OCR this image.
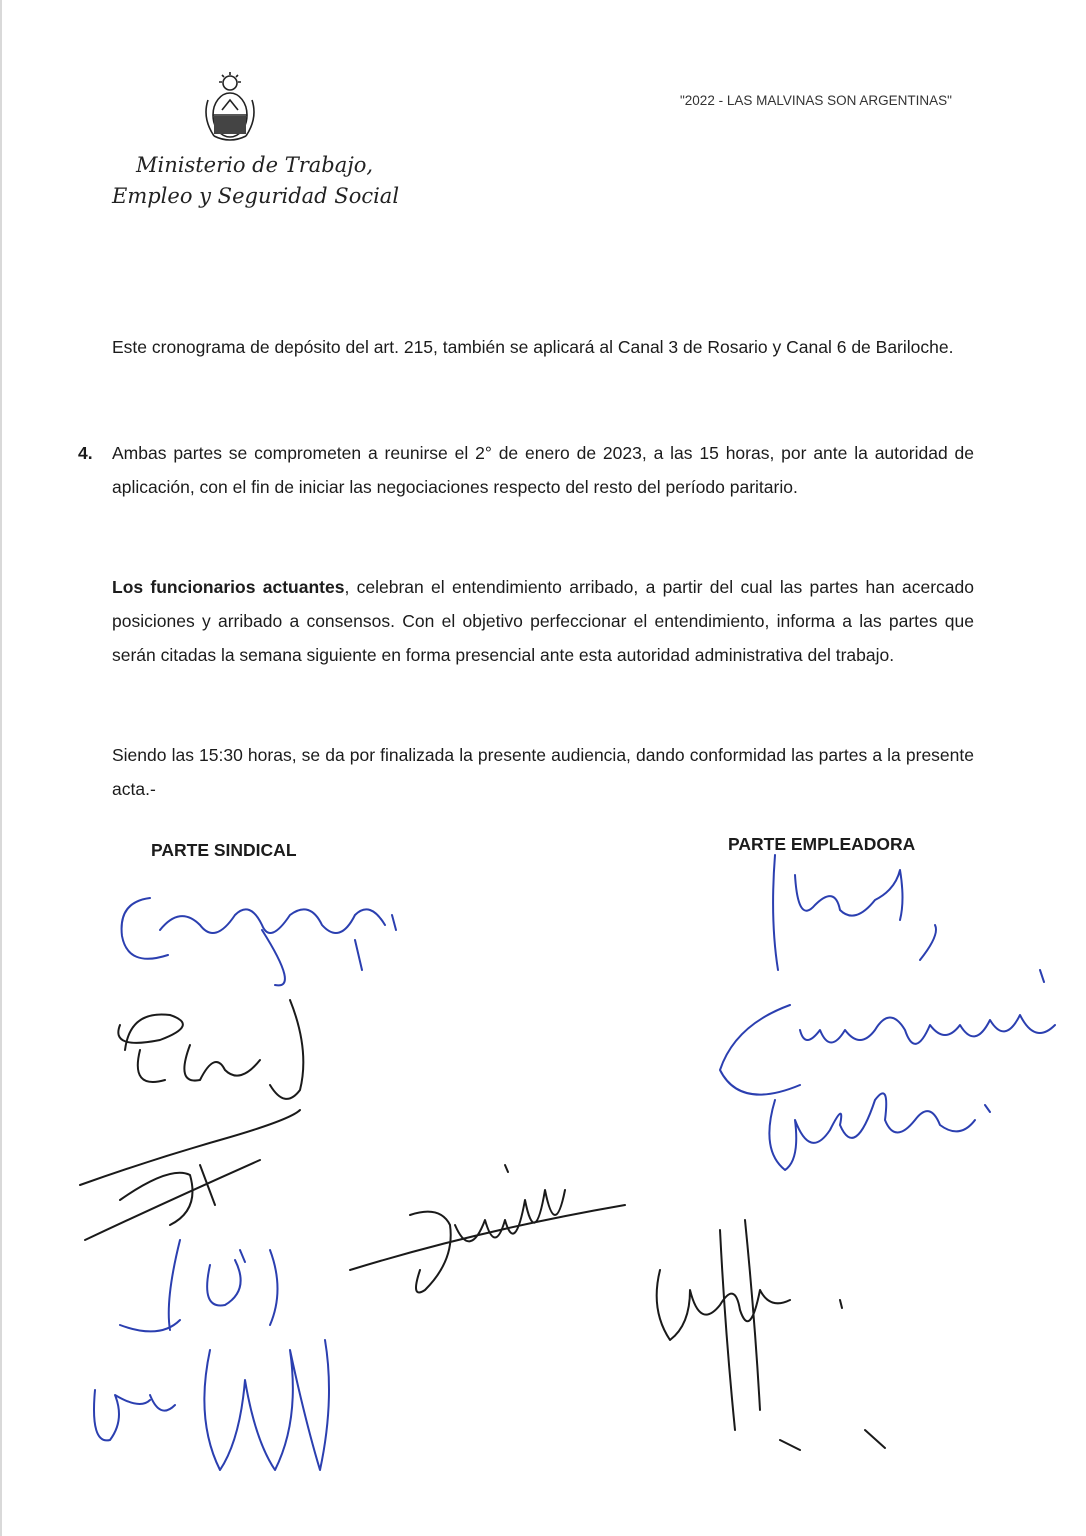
Ministerio de Trabajo,
Empleo y Seguridad Social
"2022 - LAS MALVINAS SON ARGENTINAS"
Este cronograma de depósito del art. 215, también se aplicará al Canal 3 de Rosario y Canal 6 de Bariloche.
4. Ambas partes se comprometen a reunirse el 2° de enero de 2023, a las 15 horas, por ante la autoridad de aplicación, con el fin de iniciar las negociaciones respecto del resto del período paritario.
Los funcionarios actuantes, celebran el entendimiento arribado, a partir del cual las partes han acercado posiciones y arribado a consensos. Con el objetivo perfeccionar el entendimiento, informa a las partes que serán citadas la semana siguiente en forma presencial ante esta autoridad administrativa del trabajo.
Siendo las 15:30 horas, se da por finalizada la presente audiencia, dando conformidad las partes a la presente acta.-
PARTE SINDICAL	PARTE EMPLEADORA
